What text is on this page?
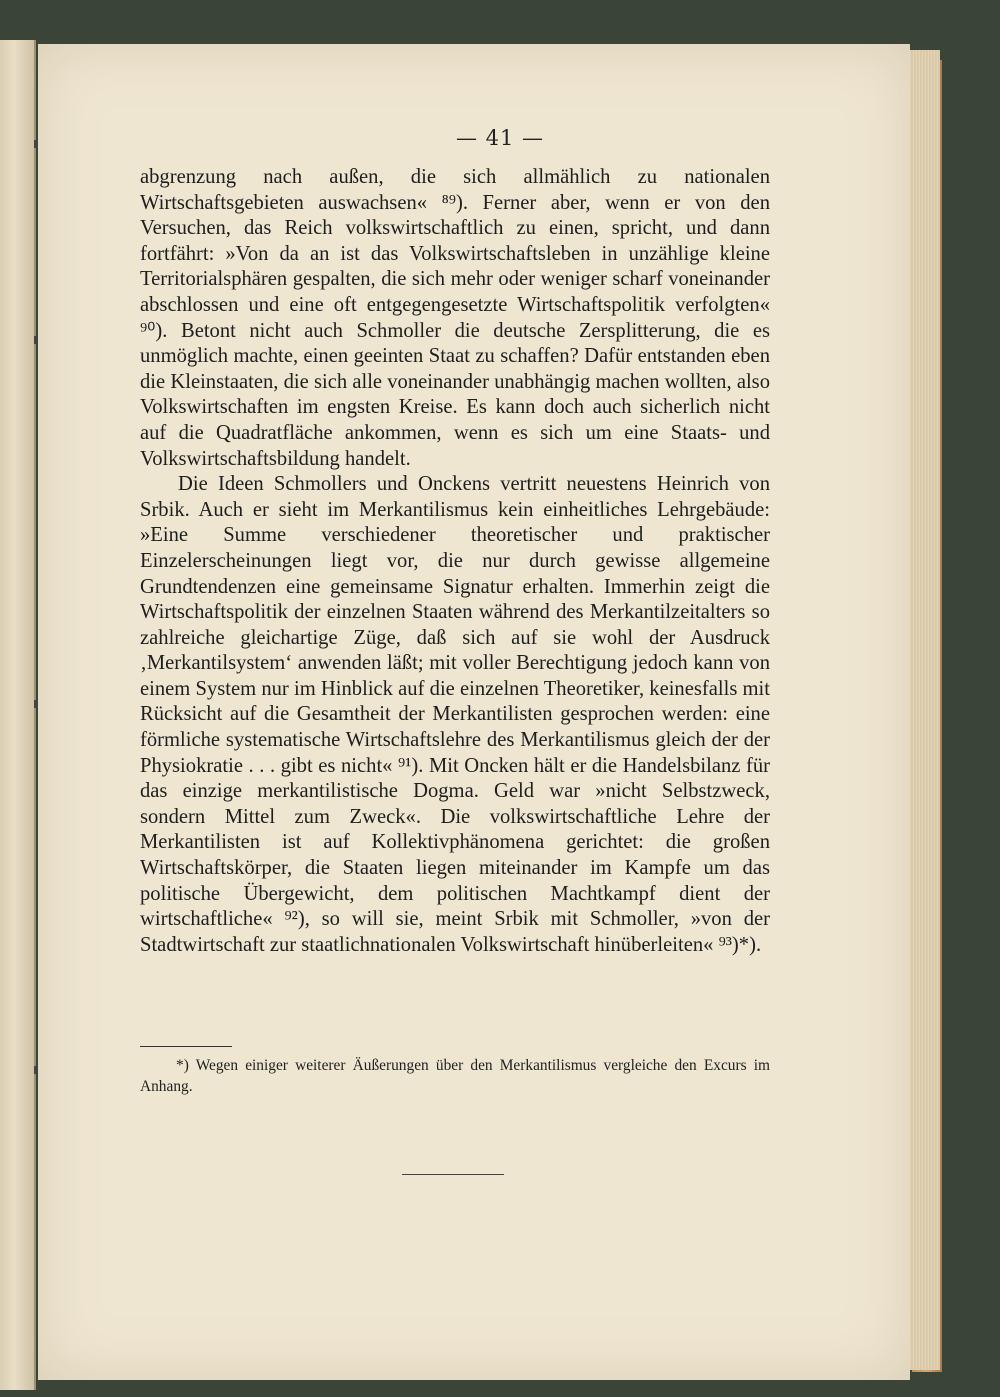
— 41 —

abgrenzung nach außen, die sich allmählich zu nationalen Wirtschaftsgebieten auswachsen« ⁸⁹). Ferner aber, wenn er von den Versuchen, das Reich volkswirtschaftlich zu einen, spricht, und dann fortfährt: »Von da an ist das Volkswirtschaftsleben in unzählige kleine Territorialsphären gespalten, die sich mehr oder weniger scharf voneinander abschlossen und eine oft entgegengesetzte Wirtschaftspolitik verfolgten« ⁹⁰). Betont nicht auch Schmoller die deutsche Zersplitterung, die es unmöglich machte, einen geeinten Staat zu schaffen? Dafür entstanden eben die Kleinstaaten, die sich alle voneinander unabhängig machen wollten, also Volkswirtschaften im engsten Kreise. Es kann doch auch sicherlich nicht auf die Quadratfläche ankommen, wenn es sich um eine Staats- und Volkswirtschaftsbildung handelt.

Die Ideen Schmollers und Onckens vertritt neuestens Heinrich von Srbik. Auch er sieht im Merkantilismus kein einheitliches Lehrgebäude: »Eine Summe verschiedener theoretischer und praktischer Einzelerscheinungen liegt vor, die nur durch gewisse allgemeine Grundtendenzen eine gemeinsame Signatur erhalten. Immerhin zeigt die Wirtschaftspolitik der einzelnen Staaten während des Merkantilzeitalters so zahlreiche gleichartige Züge, daß sich auf sie wohl der Ausdruck ‚Merkantilsystem‘ anwenden läßt; mit voller Berechtigung jedoch kann von einem System nur im Hinblick auf die einzelnen Theoretiker, keinesfalls mit Rücksicht auf die Gesamtheit der Merkantilisten gesprochen werden: eine förmliche systematische Wirtschaftslehre des Merkantilismus gleich der der Physiokratie . . . gibt es nicht« ⁹¹). Mit Oncken hält er die Handelsbilanz für das einzige merkantilistische Dogma. Geld war »nicht Selbstzweck, sondern Mittel zum Zweck«. Die volkswirtschaftliche Lehre der Merkantilisten ist auf Kollektivphänomena gerichtet: die großen Wirtschaftskörper, die Staaten liegen miteinander im Kampfe um das politische Übergewicht, dem politischen Machtkampf dient der wirtschaftliche« ⁹²), so will sie, meint Srbik mit Schmoller, »von der Stadtwirtschaft zur staatlichnationalen Volkswirtschaft hinüberleiten« ⁹³)*).

*) Wegen einiger weiterer Äußerungen über den Merkantilismus vergleiche den Excurs im Anhang.
